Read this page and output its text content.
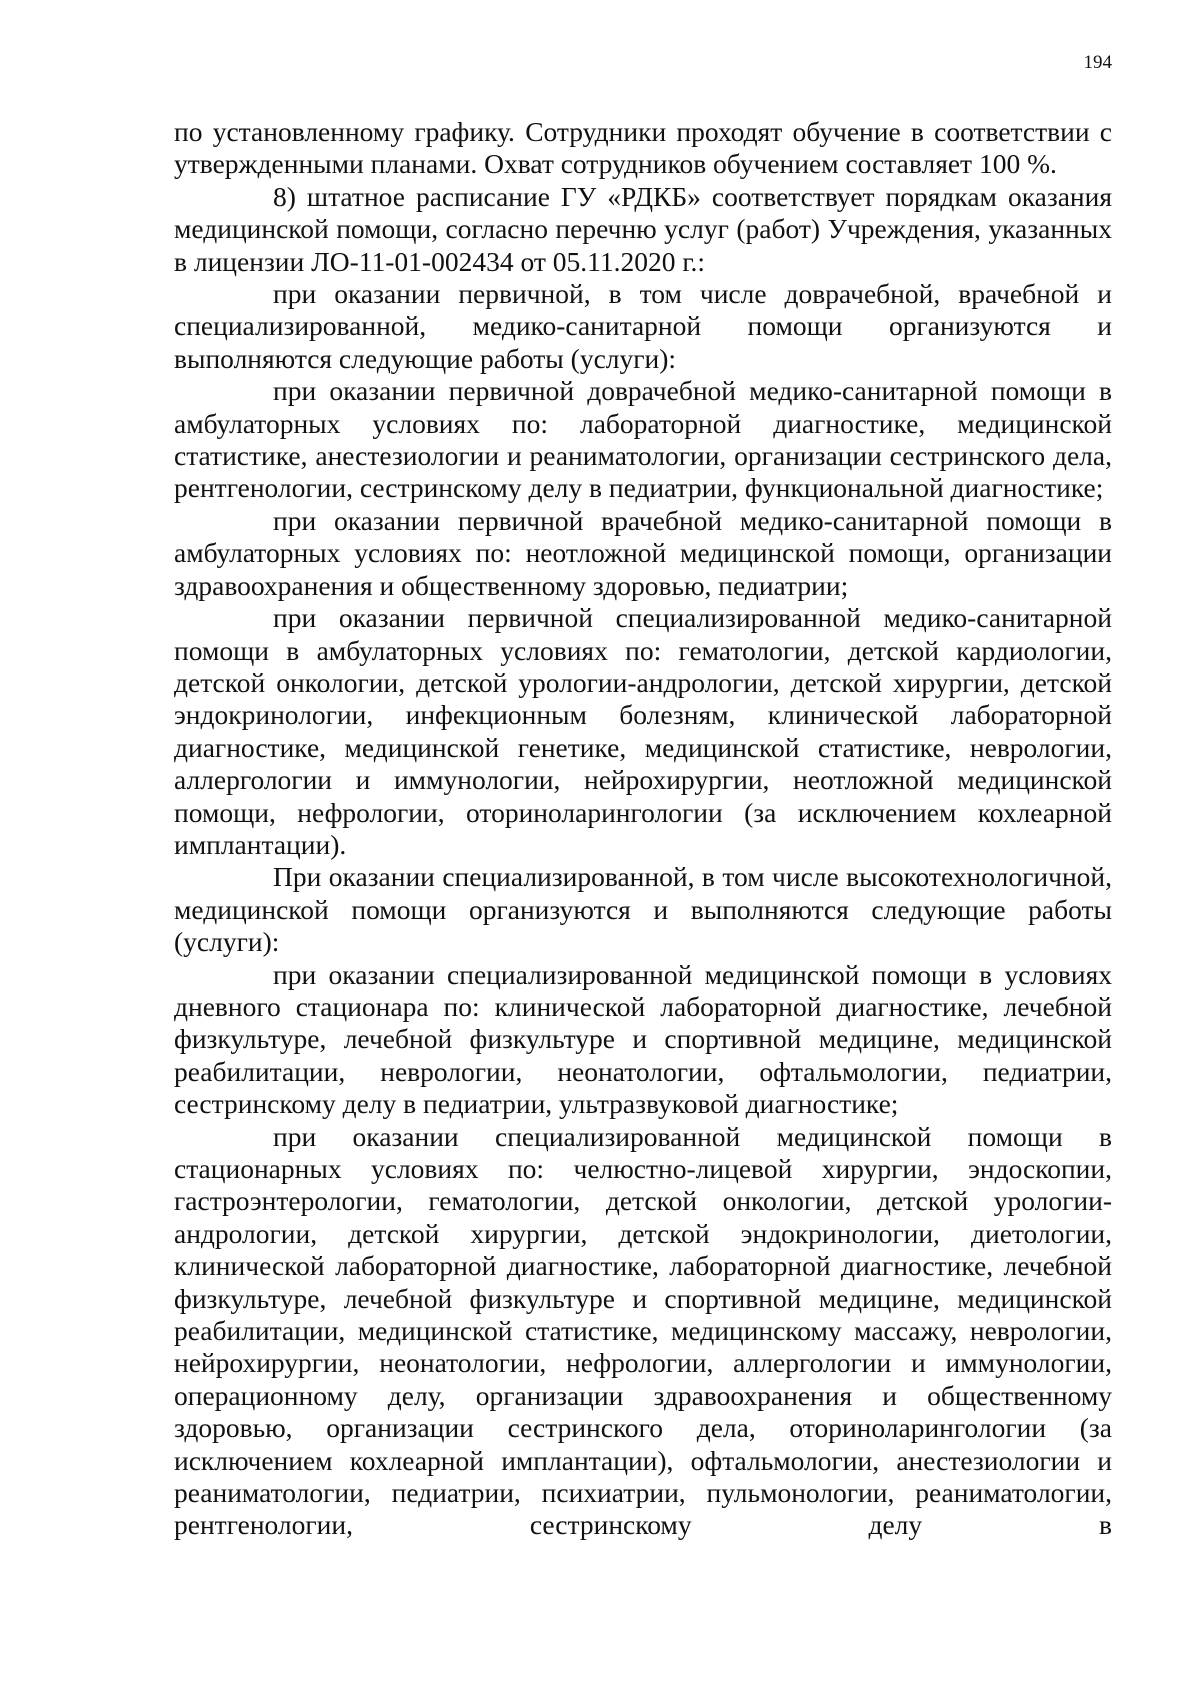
194

по установленному графику. Сотрудники проходят обучение в соответствии с утвержденными планами. Охват сотрудников обучением составляет 100 %.

8) штатное расписание ГУ «РДКБ» соответствует порядкам оказания медицинской помощи, согласно перечню услуг (работ) Учреждения, указанных в лицензии ЛО-11-01-002434 от 05.11.2020 г.:

при оказании первичной, в том числе доврачебной, врачебной и специализированной, медико-санитарной помощи организуются и выполняются следующие работы (услуги):

при оказании первичной доврачебной медико-санитарной помощи в амбулаторных условиях по: лабораторной диагностике, медицинской статистике, анестезиологии и реаниматологии, организации сестринского дела, рентгенологии, сестринскому делу в педиатрии, функциональной диагностике;

при оказании первичной врачебной медико-санитарной помощи в амбулаторных условиях по: неотложной медицинской помощи, организации здравоохранения и общественному здоровью, педиатрии;

при оказании первичной специализированной медико-санитарной помощи в амбулаторных условиях по: гематологии, детской кардиологии, детской онкологии, детской урологии-андрологии, детской хирургии, детской эндокринологии, инфекционным болезням, клинической лабораторной диагностике, медицинской генетике, медицинской статистике, неврологии, аллергологии и иммунологии, нейрохирургии, неотложной медицинской помощи, нефрологии, оториноларингологии (за исключением кохлеарной имплантации).

При оказании специализированной, в том числе высокотехнологичной, медицинской помощи организуются и выполняются следующие работы (услуги):

при оказании специализированной медицинской помощи в условиях дневного стационара по: клинической лабораторной диагностике, лечебной физкультуре, лечебной физкультуре и спортивной медицине, медицинской реабилитации, неврологии, неонатологии, офтальмологии, педиатрии, сестринскому делу в педиатрии, ультразвуковой диагностике;

при оказании специализированной медицинской помощи в стационарных условиях по: челюстно-лицевой хирургии, эндоскопии, гастроэнтерологии, гематологии, детской онкологии, детской урологии-андрологии, детской хирургии, детской эндокринологии, диетологии, клинической лабораторной диагностике, лабораторной диагностике, лечебной физкультуре, лечебной физкультуре и спортивной медицине, медицинской реабилитации, медицинской статистике, медицинскому массажу, неврологии, нейрохирургии, неонатологии, нефрологии, аллергологии и иммунологии, операционному делу, организации здравоохранения и общественному здоровью, организации сестринского дела, оториноларингологии (за исключением кохлеарной имплантации), офтальмологии, анестезиологии и реаниматологии, педиатрии, психиатрии, пульмонологии, реаниматологии, рентгенологии, сестринскому делу в
